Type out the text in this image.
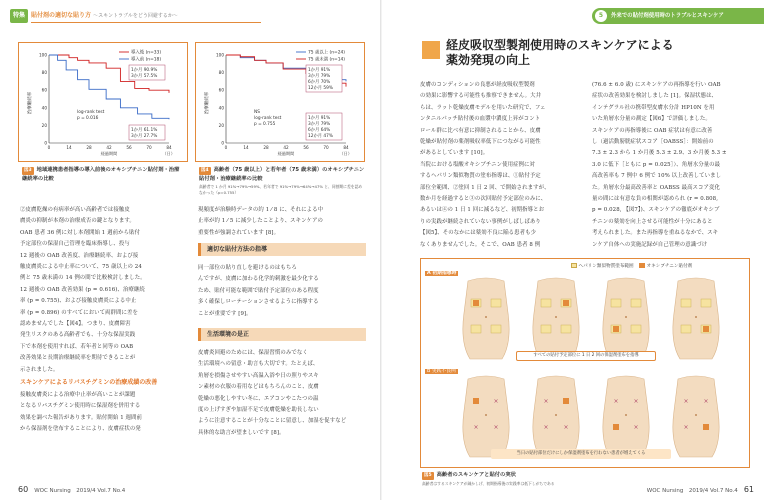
特集	貼付剤の適切な貼り方 ～スキントラブルをどう回避するか～
100
80
60
40
20
0
0	14	28	42	56	70	84
経過期間	（日）
治療継続率
導入後 (n=33)
導入前 (n=18)
1か月 90.9%
3か月 57.5%
1か月 61.1%
3か月 27.7%
log-rank test
p = 0.016
100
80
60
40
20
0
0	14	28	42	56	70	84
経過期間	（日）
治療継続率
75 歳以上 (n=24)
75 歳未満 (n=14)
1か月 91%
3か月 79%
6か月 70%
12か月 59%
1か月 91%
3か月 79%
6か月 64%
12か月 47%
NS
log-rank test
p = 0.755
図3 地域連携患者指導の導入前後のオキシブチニン貼付剤・治療継続率の比較
図4 高齢者（75 歳以上）と若年者（75 歳未満）のオキシブチニン貼付剤・治療継続率の比較
高齢者で 1 か月 91%→79%→59%、若年者で 91%→79%→64%→47% と、同割期に差を認めなかった（p=0.755）
②皮膚乾燥の有病率が高い高齢者では接触皮
膚炎の抑制が本剤の治療成否の鍵となります。
OAB 患者 36 例に対し本剤開始 1 週前から貼付
予定部位の保湿自己管理を臨床指導し、投与
12 週後の OAB 改善度、治療継続率、および接
触皮膚炎による中止率について、75 歳以上の 24
例と 75 歳未満の 14 例の間で比較検討しました。
12 週後の OAB 改善効果 (p = 0.616)、治療継続
率 (p = 0.755)、および接触皮膚炎による中止
率 (p = 0.896) のすべてにおいて両群間に差を
認めませんでした【図4】。つまり、皮膚障害
発生リスクのある高齢者でも、十分な保湿実践
下で本剤を使用すれば、若年者と同等の OAB
改善効果と長期治療継続率を期待できることが
示されました。
スキンケアによるリバスチグミンの治療成績の改善
接触皮膚炎による治療中止率が高いことが課題
となるリバスチグミン使用時に保湿剤を併用する
効果を調べた報告があります。貼付開始 1 週間前
から保湿剤を塗布することにより、皮膚症状の発
現頻度が治験時データの約 1 ⁄ 8 に、それによる中
止率が約 1 ⁄ 5 に減少したことより、スキンケアの
重要性が強調されています [8]。
適切な貼付方法の指導
同一部位の貼り直しを避けるのはもちろ
んですが、皮膚に加わる化学的刺激を最少化する
ため、貼付可能な範囲で貼付予定部位のある程度
多く確保しローテーションさせるように指導する
ことが重要です [9]。
生活環境の是正
皮膚炎回避のためには、保湿習慣のみでなく
生活環境への留意・助言も大切です。たとえば、
角層を損傷させやすい高温入浴や日の照りやスキ
ン素材の衣服の着用などはもちろんのこと、皮膚
乾燥の悪化しやすい冬に、エアコンやこたつの温
度の上げすぎや加湿不足で皮膚乾燥を助長しない
ように注意することが十分なことに留意し、加湿を促すなど
具体的な助言が望ましいです [8]。
60 WOC Nursing　2019/4 Vol.7 No.4
5	外来での貼付剤使用時のトラブルとスキンケア
経皮吸収型製剤使用時のスキンケアによる
薬効発現の向上
皮膚のコンディションの良悪が経皮吸収型製剤
の効果に影響する可能性も推察できません。大井
らは、ラット乾燥皮膚モデルを用いた研究で、フェ
ンタニルパッチ貼付後の血漿中濃度上昇がコント
ロール群に比べ有意に抑制されることから、皮膚
乾燥が貼付剤の薬剤吸収率低下につながる可能性
があるとしています [10]。
当院における塩酸オキシブチニン使用症例に対
するヘパリン類似物質の塗布指導は、①貼付予定
部位全範囲、②塗回 1 日 2 回、で開始されますが、
数か月を経過すると③の次回貼付予定部位のみに、
あるいは④の 1 日 1 回に減るなど、初期指導とお
りの実践が継続されていない事例がしばしばあり
【図5】、そのなかには薬効不良に陥る患者も少
なくありませんでした。そこで、OAB 患者 8 例
(76.6 ± 6.0 歳) にスキンケアの再指導を行い OAB
症状の改善効果を検討しました [1]。保湿状態は、
インテグラル社の携帯型皮膚水分計 HP10N を用
いた角層水分量の測定【図6】で評価しました。
スキンケアの再指導後に OAB 症状は有意に改善
し（過活動膀胱症状スコア［OABSS］：開始前の
7.3 ± 2.3 から 1 か月後 5.3 ± 2.9、3 か月後 5.3 ±
3.0 に低下［ともに p = 0.025］）、角層水分量の最
高改善率も 7 例中 6 例で 10% 以上改善していまし
た。角層水分最高改善率と OABSS 最高スコア変化
量の間には有意な負の相関が認められ (r = 0.808,
p = 0.028, 【図7】)、スキンケアの徹底がオキシブ
チニンの薬効を向上させる可能性が十分にあると
考えられました。また再指導を重ねるなかで、スキ
ンケア自体への実施記録が自己管理の意識づけ
ヘパリン類似物質塗布範囲	オキシブチニン貼付剤
A 初期指導時
すべての貼付予定部位に 1 日 2 回の保湿剤塗布を指導
B 実践不良例
×
× ×
×
× ×
× ×
×
× ×
×
当日の貼付部位だけにしか保湿剤塗布を行わない患者が増えてくる
図5 高齢者のスキンケアと貼付の実状
高齢者はするスキンケアが疎かしげ、初期指導後の実践率は低下しがちである
WOC Nursing　2019/4 Vol.7 No.4 61
